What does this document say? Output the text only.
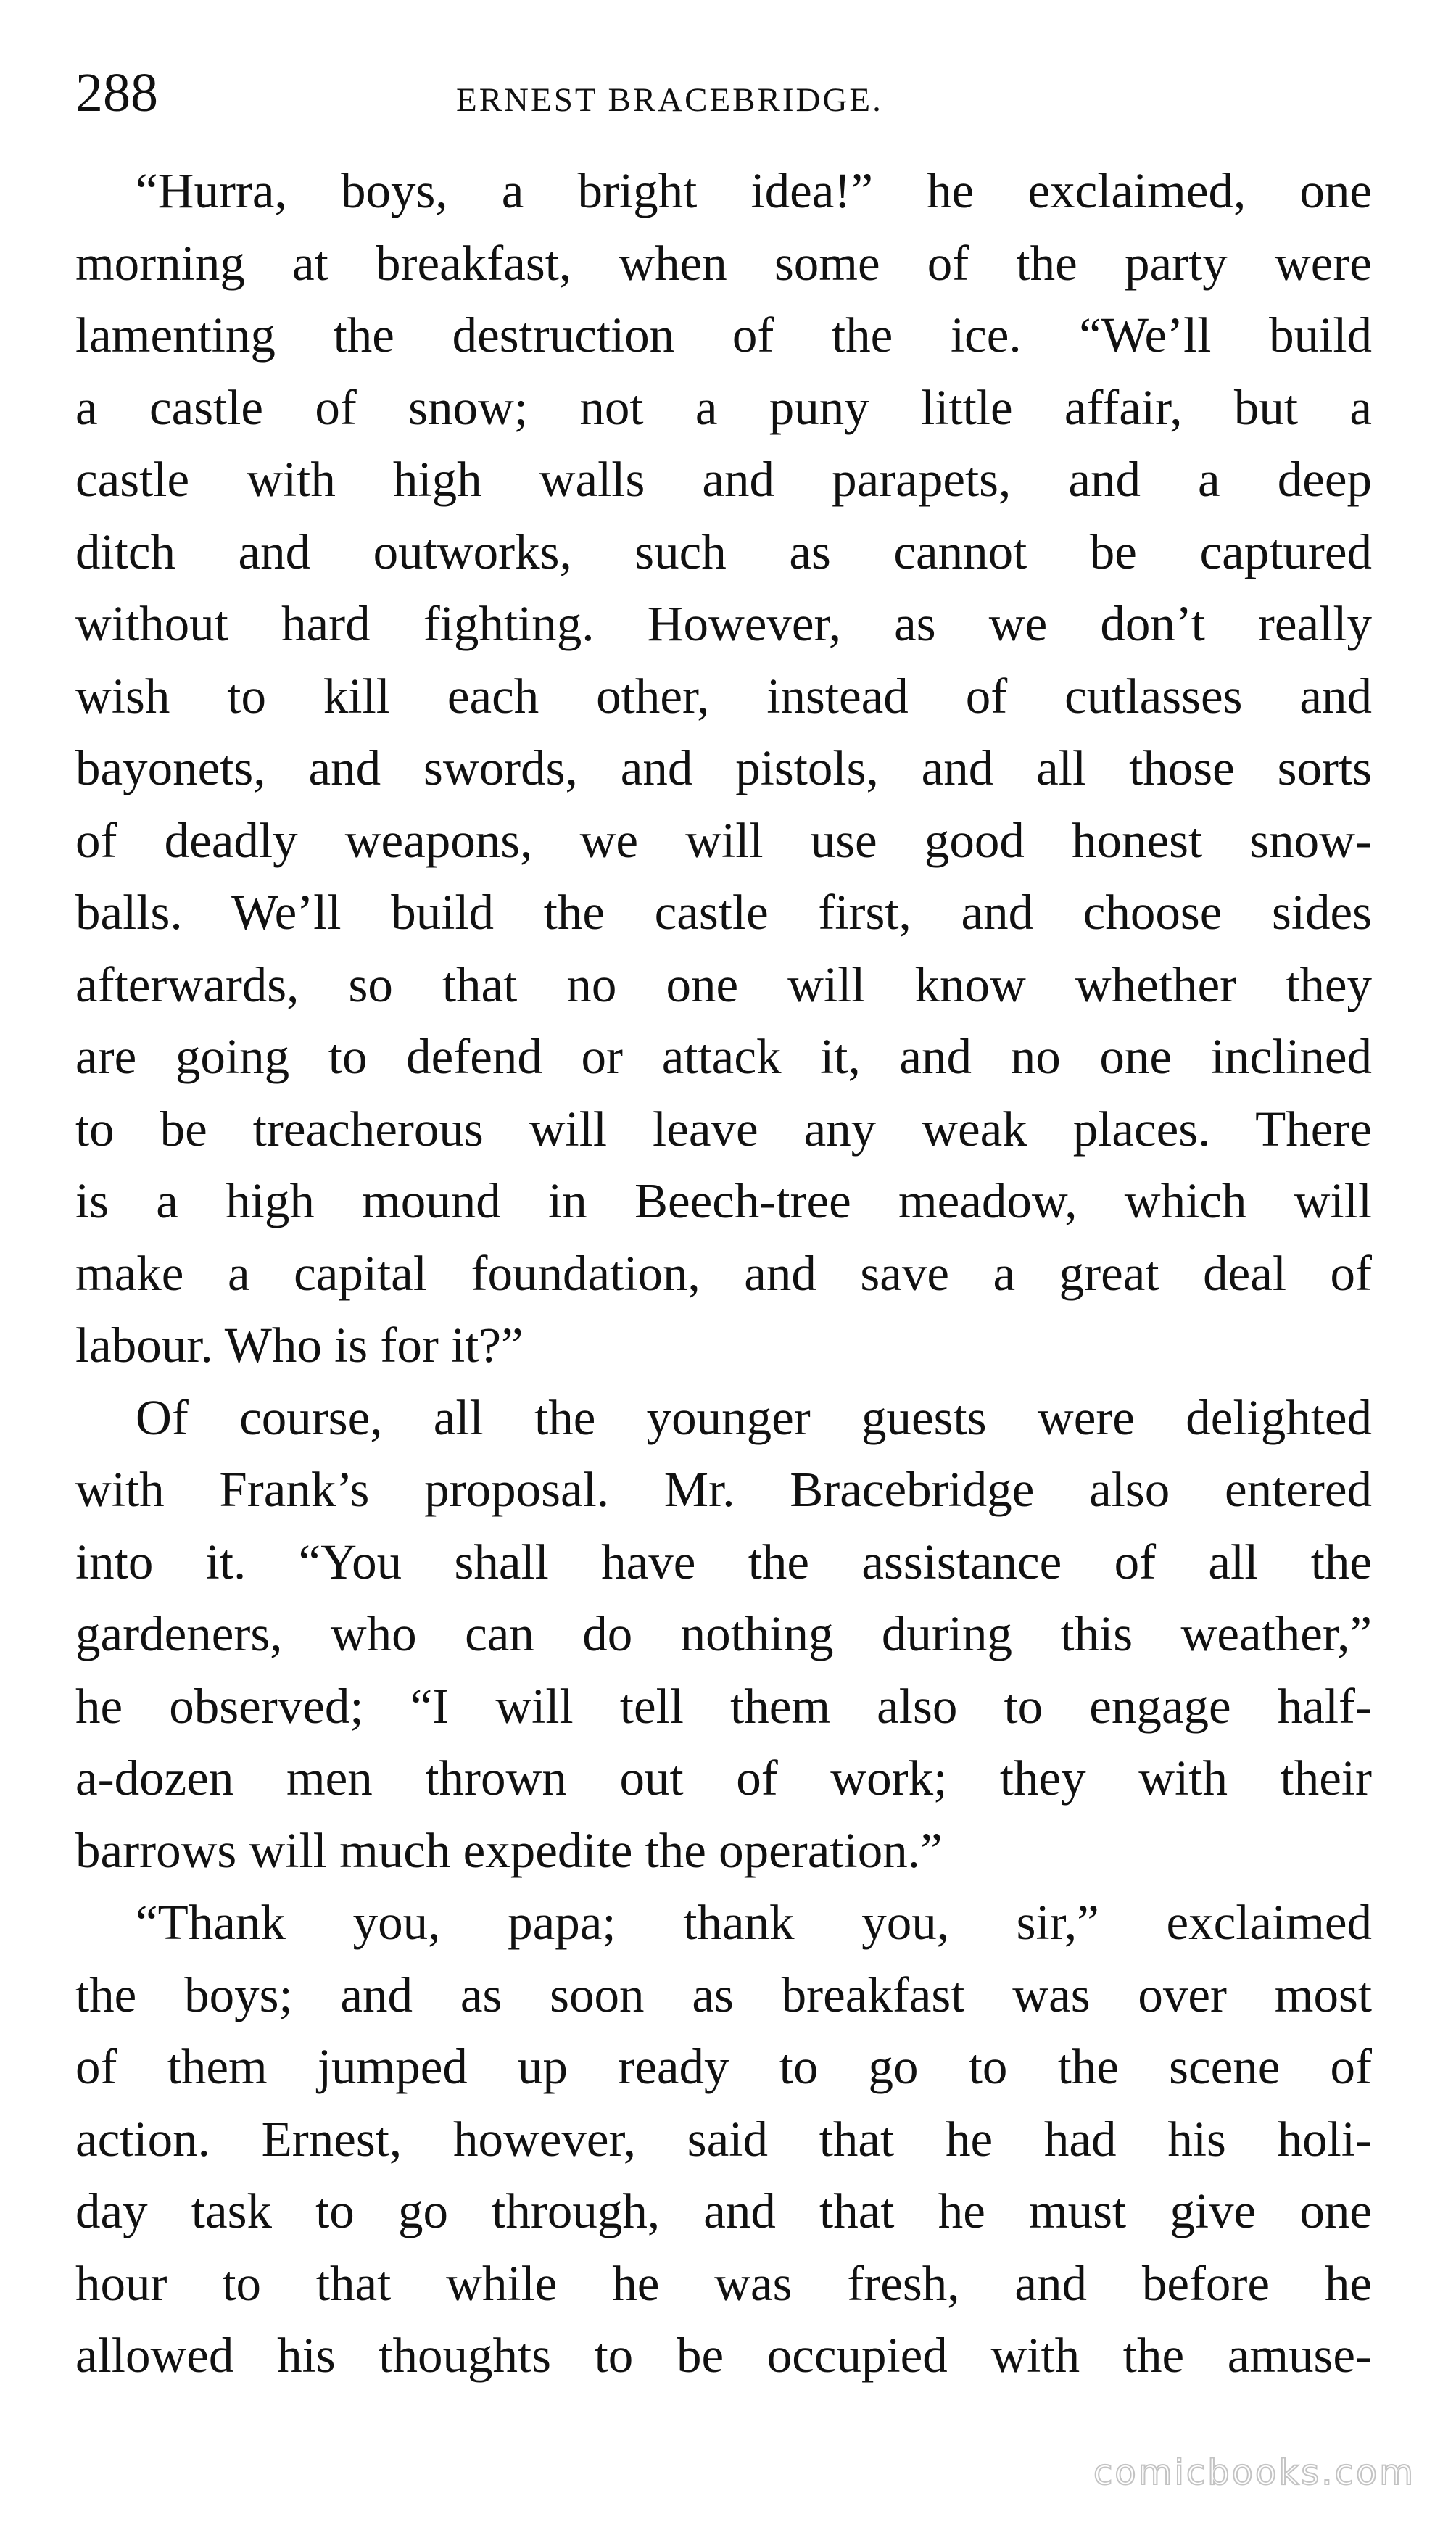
288	ERNEST BRACEBRIDGE.
“Hurra, boys, a bright idea!” he exclaimed, one
morning at breakfast, when some of the party were
lamenting the destruction of the ice. “We’ll build
a castle of snow; not a puny little affair, but a
castle with high walls and parapets, and a deep
ditch and outworks, such as cannot be captured
without hard fighting. However, as we don’t really
wish to kill each other, instead of cutlasses and
bayonets, and swords, and pistols, and all those sorts
of deadly weapons, we will use good honest snow-
balls. We’ll build the castle first, and choose sides
afterwards, so that no one will know whether they
are going to defend or attack it, and no one inclined
to be treacherous will leave any weak places. There
is a high mound in Beech-tree meadow, which will
make a capital foundation, and save a great deal of
labour. Who is for it?”
Of course, all the younger guests were delighted
with Frank’s proposal. Mr. Bracebridge also entered
into it. “You shall have the assistance of all the
gardeners, who can do nothing during this weather,”
he observed; “I will tell them also to engage half-
a-dozen men thrown out of work; they with their
barrows will much expedite the operation.”
“Thank you, papa; thank you, sir,” exclaimed
the boys; and as soon as breakfast was over most
of them jumped up ready to go to the scene of
action. Ernest, however, said that he had his holi-
day task to go through, and that he must give one
hour to that while he was fresh, and before he
allowed his thoughts to be occupied with the amuse-
comicbooks.com
